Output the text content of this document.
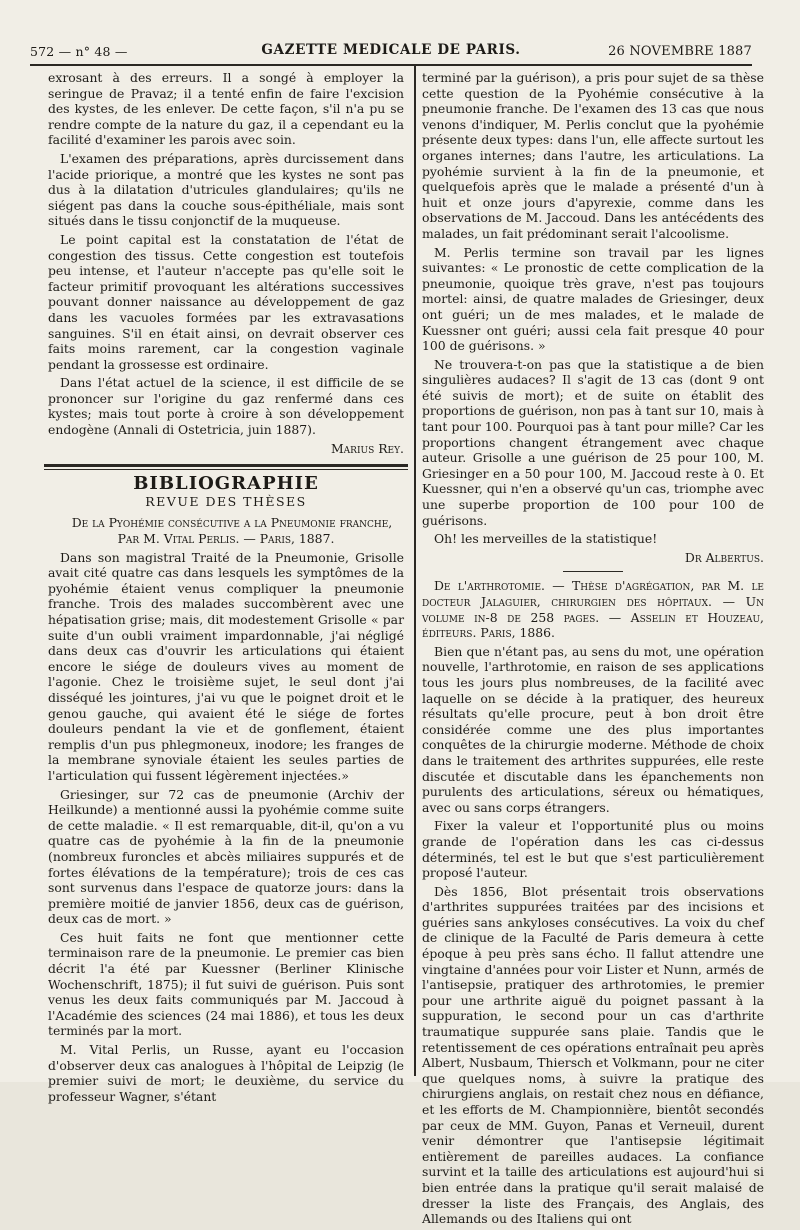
572 — n° 48 —	GAZETTE MEDICALE DE PARIS.	26 NOVEMBRE 1887

exrosant à des erreurs. Il a songé à employer la seringue de Pravaz; il a tenté enfin de faire l'excision des kystes, de les enlever. De cette façon, s'il n'a pu se rendre compte de la nature du gaz, il a cependant eu la facilité d'examiner les parois avec soin.

L'examen des préparations, après durcissement dans l'acide priorique, a montré que les kystes ne sont pas dus à la dilatation d'utricules glandulaires; qu'ils ne siégent pas dans la couche sous-épithéliale, mais sont situés dans le tissu conjonctif de la muqueuse.

Le point capital est la constatation de l'état de congestion des tissus. Cette congestion est toutefois peu intense, et l'auteur n'accepte pas qu'elle soit le facteur primitif provoquant les altérations successives pouvant donner naissance au développement de gaz dans les vacuoles formées par les extravasations sanguines. S'il en était ainsi, on devrait observer ces faits moins rarement, car la congestion vaginale pendant la grossesse est ordinaire.

Dans l'état actuel de la science, il est difficile de se prononcer sur l'origine du gaz renfermé dans ces kystes; mais tout porte à croire à son développement endogène (Annali di Ostetricia, juin 1887).

Marius Rey.

BIBLIOGRAPHIE
REVUE DES THÈSES

De la Pyohémie consécutive a la Pneumonie franche, Par M. Vital Perlis. — Paris, 1887.

Dans son magistral Traité de la Pneumonie, Grisolle avait cité quatre cas dans lesquels les symptômes de la pyohémie étaient venus compliquer la pneumonie franche. Trois des malades succombèrent avec une hépatisation grise; mais, dit modestement Grisolle « par suite d'un oubli vraiment impardonnable, j'ai négligé dans deux cas d'ouvrir les articulations qui étaient encore le siége de douleurs vives au moment de l'agonie. Chez le troisième sujet, le seul dont j'ai disséqué les jointures, j'ai vu que le poignet droit et le genou gauche, qui avaient été le siége de fortes douleurs pendant la vie et de gonflement, étaient remplis d'un pus phlegmoneux, inodore; les franges de la membrane synoviale étaient les seules parties de l'articulation qui fussent légèrement injectées.»

Griesinger, sur 72 cas de pneumonie (Archiv der Heilkunde) a mentionné aussi la pyohémie comme suite de cette maladie. « Il est remarquable, dit-il, qu'on a vu quatre cas de pyohémie à la fin de la pneumonie (nombreux furoncles et abcès miliaires suppurés et de fortes élévations de la température); trois de ces cas sont survenus dans l'espace de quatorze jours: dans la première moitié de janvier 1856, deux cas de guérison, deux cas de mort. »

Ces huit faits ne font que mentionner cette terminaison rare de la pneumonie. Le premier cas bien décrit l'a été par Kuessner (Berliner Klinische Wochenschrift, 1875); il fut suivi de guérison. Puis sont venus les deux faits communiqués par M. Jaccoud à l'Académie des sciences (24 mai 1886), et tous les deux terminés par la mort.

M. Vital Perlis, un Russe, ayant eu l'occasion d'observer deux cas analogues à l'hôpital de Leipzig (le premier suivi de mort; le deuxième, du service du professeur Wagner, s'étant

terminé par la guérison), a pris pour sujet de sa thèse cette question de la Pyohémie consécutive à la pneumonie franche. De l'examen des 13 cas que nous venons d'indiquer, M. Perlis conclut que la pyohémie présente deux types: dans l'un, elle affecte surtout les organes internes; dans l'autre, les articulations. La pyohémie survient à la fin de la pneumonie, et quelquefois après que le malade a présenté d'un à huit et onze jours d'apyrexie, comme dans les observations de M. Jaccoud. Dans les antécédents des malades, un fait prédominant serait l'alcoolisme.

M. Perlis termine son travail par les lignes suivantes: « Le pronostic de cette complication de la pneumonie, quoique très grave, n'est pas toujours mortel: ainsi, de quatre malades de Griesinger, deux ont guéri; un de mes malades, et le malade de Kuessner ont guéri; aussi cela fait presque 40 pour 100 de guérisons. »

Ne trouvera-t-on pas que la statistique a de bien singulières audaces? Il s'agit de 13 cas (dont 9 ont été suivis de mort); et de suite on établit des proportions de guérison, non pas à tant sur 10, mais à tant pour 100. Pourquoi pas à tant pour mille? Car les proportions changent étrangement avec chaque auteur. Grisolle a une guérison de 25 pour 100, M. Griesinger en a 50 pour 100, M. Jaccoud reste à 0. Et Kuessner, qui n'en a observé qu'un cas, triomphe avec une superbe proportion de 100 pour 100 de guérisons.

Oh! les merveilles de la statistique!

Dr Albertus.

De l'arthrotomie. — Thèse d'agrégation, par M. le docteur Jalaguier, chirurgien des hôpitaux. — Un volume in-8 de 258 pages. — Asselin et Houzeau, éditeurs. Paris, 1886.

Bien que n'étant pas, au sens du mot, une opération nouvelle, l'arthrotomie, en raison de ses applications tous les jours plus nombreuses, de la facilité avec laquelle on se décide à la pratiquer, des heureux résultats qu'elle procure, peut à bon droit être considérée comme une des plus importantes conquêtes de la chirurgie moderne. Méthode de choix dans le traitement des arthrites suppurées, elle reste discutée et discutable dans les épanchements non purulents des articulations, séreux ou hématiques, avec ou sans corps étrangers.

Fixer la valeur et l'opportunité plus ou moins grande de l'opération dans les cas ci-dessus déterminés, tel est le but que s'est particulièrement proposé l'auteur.

Dès 1856, Blot présentait trois observations d'arthrites suppurées traitées par des incisions et guéries sans ankyloses consécutives. La voix du chef de clinique de la Faculté de Paris demeura à cette époque à peu près sans écho. Il fallut attendre une vingtaine d'années pour voir Lister et Nunn, armés de l'antisepsie, pratiquer des arthrotomies, le premier pour une arthrite aiguë du poignet passant à la suppuration, le second pour un cas d'arthrite traumatique suppurée sans plaie. Tandis que le retentissement de ces opérations entraînait peu après Albert, Nusbaum, Thiersch et Volkmann, pour ne citer que quelques noms, à suivre la pratique des chirurgiens anglais, on restait chez nous en défiance, et les efforts de M. Championnière, bientôt secondés par ceux de MM. Guyon, Panas et Verneuil, durent venir démontrer que l'antisepsie légitimait entièrement de pareilles audaces. La confiance survint et la taille des articulations est aujourd'hui si bien entrée dans la pratique qu'il serait malaisé de dresser la liste des Français, des Anglais, des Allemands ou des Italiens qui ont
